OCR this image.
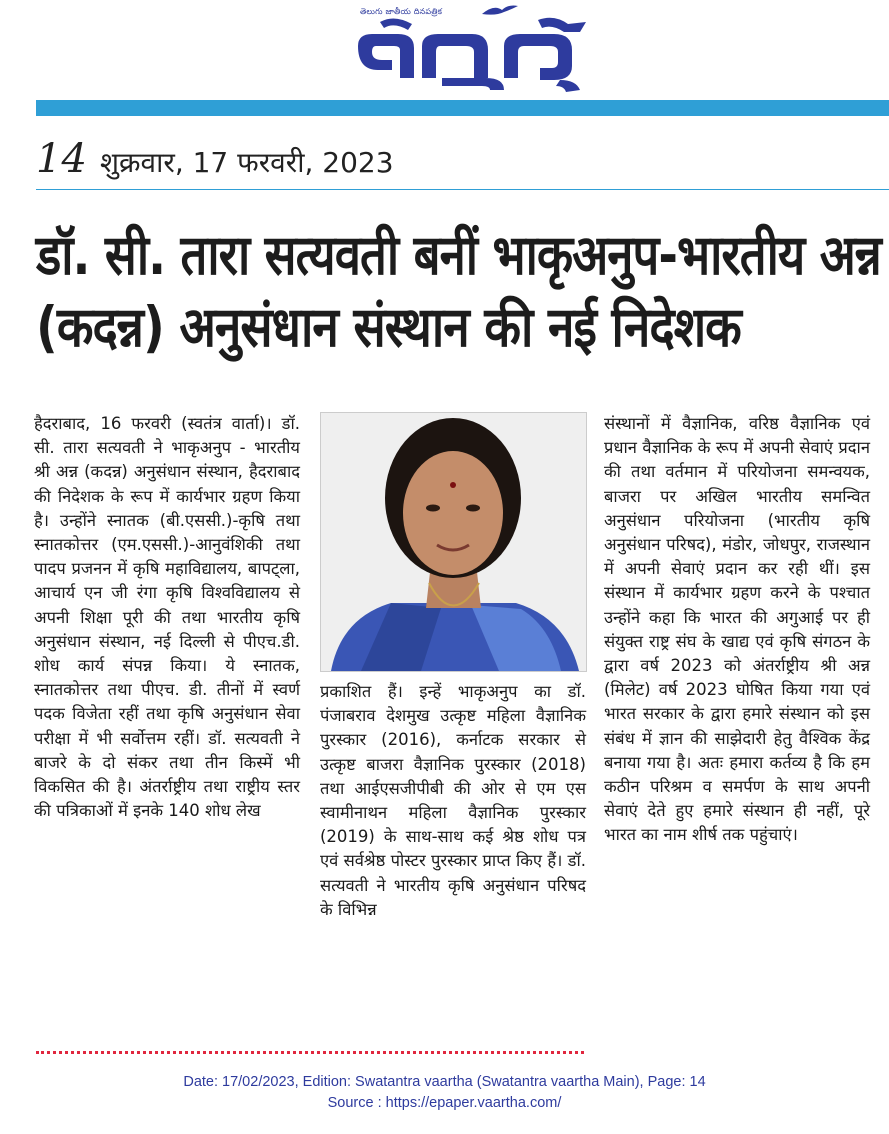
తెలుగు జాతీయ దినపత్రిక
14 शुक्रवार, 17 फरवरी, 2023
डॉ. सी. तारा सत्यवती बनीं भाकृअनुप-भारतीय अन्न
(कदन्न) अनुसंधान संस्थान की नई निदेशक
हैदराबाद, 16 फरवरी (स्वतंत्र वार्ता)। डॉ. सी. तारा सत्यवती ने भाकृअनुप - भारतीय श्री अन्न (कदन्न) अनुसंधान संस्थान, हैदराबाद की निदेशक के रूप में कार्यभार ग्रहण किया है। उन्होंने स्नातक (बी.एससी.)-कृषि तथा स्नातकोत्तर (एम.एससी.)-आनुवंशिकी तथा पादप प्रजनन में कृषि महाविद्यालय, बापट्ला, आचार्य एन जी रंगा कृषि विश्वविद्यालय से अपनी शिक्षा पूरी की तथा भारतीय कृषि अनुसंधान संस्थान, नई दिल्ली से पीएच.डी. शोध कार्य संपन्न किया। ये स्नातक, स्नातकोत्तर तथा पीएच. डी. तीनों में स्वर्ण पदक विजेता रहीं तथा कृषि अनुसंधान सेवा परीक्षा में भी सर्वोत्तम रहीं। डॉ. सत्यवती ने बाजरे के दो संकर तथा तीन किस्में भी विकसित की है। अंतर्राष्ट्रीय तथा राष्ट्रीय स्तर की पत्रिकाओं में इनके 140 शोध लेख
प्रकाशित हैं। इन्हें भाकृअनुप का डॉ. पंजाबराव देशमुख उत्कृष्ट महिला वैज्ञानिक पुरस्कार (2016), कर्नाटक सरकार से उत्कृष्ट बाजरा वैज्ञानिक पुरस्कार (2018) तथा आईएसजीपीबी की ओर से एम एस स्वामीनाथन महिला वैज्ञानिक पुरस्कार (2019) के साथ-साथ कई श्रेष्ठ शोध पत्र एवं सर्वश्रेष्ठ पोस्टर पुरस्कार प्राप्त किए हैं। डॉ. सत्यवती ने भारतीय कृषि अनुसंधान परिषद के विभिन्न
संस्थानों में वैज्ञानिक, वरिष्ठ वैज्ञानिक एवं प्रधान वैज्ञानिक के रूप में अपनी सेवाएं प्रदान की तथा वर्तमान में परियोजना समन्वयक, बाजरा पर अखिल भारतीय समन्वित अनुसंधान परियोजना (भारतीय कृषि अनुसंधान परिषद), मंडोर, जोधपुर, राजस्थान में अपनी सेवाएं प्रदान कर रही थीं। इस संस्थान में कार्यभार ग्रहण करने के पश्चात उन्होंने कहा कि भारत की अगुआई पर ही संयुक्त राष्ट्र संघ के खाद्य एवं कृषि संगठन के द्वारा वर्ष 2023 को अंतर्राष्ट्रीय श्री अन्न (मिलेट) वर्ष 2023 घोषित किया गया एवं भारत सरकार के द्वारा हमारे संस्थान को इस संबंध में ज्ञान की साझेदारी हेतु वैश्विक केंद्र बनाया गया है। अतः हमारा कर्तव्य है कि हम कठीन परिश्रम व समर्पण के साथ अपनी सेवाएं देते हुए हमारे संस्थान ही नहीं, पूरे भारत का नाम शीर्ष तक पहुंचाएं।
Date: 17/02/2023, Edition: Swatantra vaartha (Swatantra vaartha Main), Page: 14
Source : https://epaper.vaartha.com/
